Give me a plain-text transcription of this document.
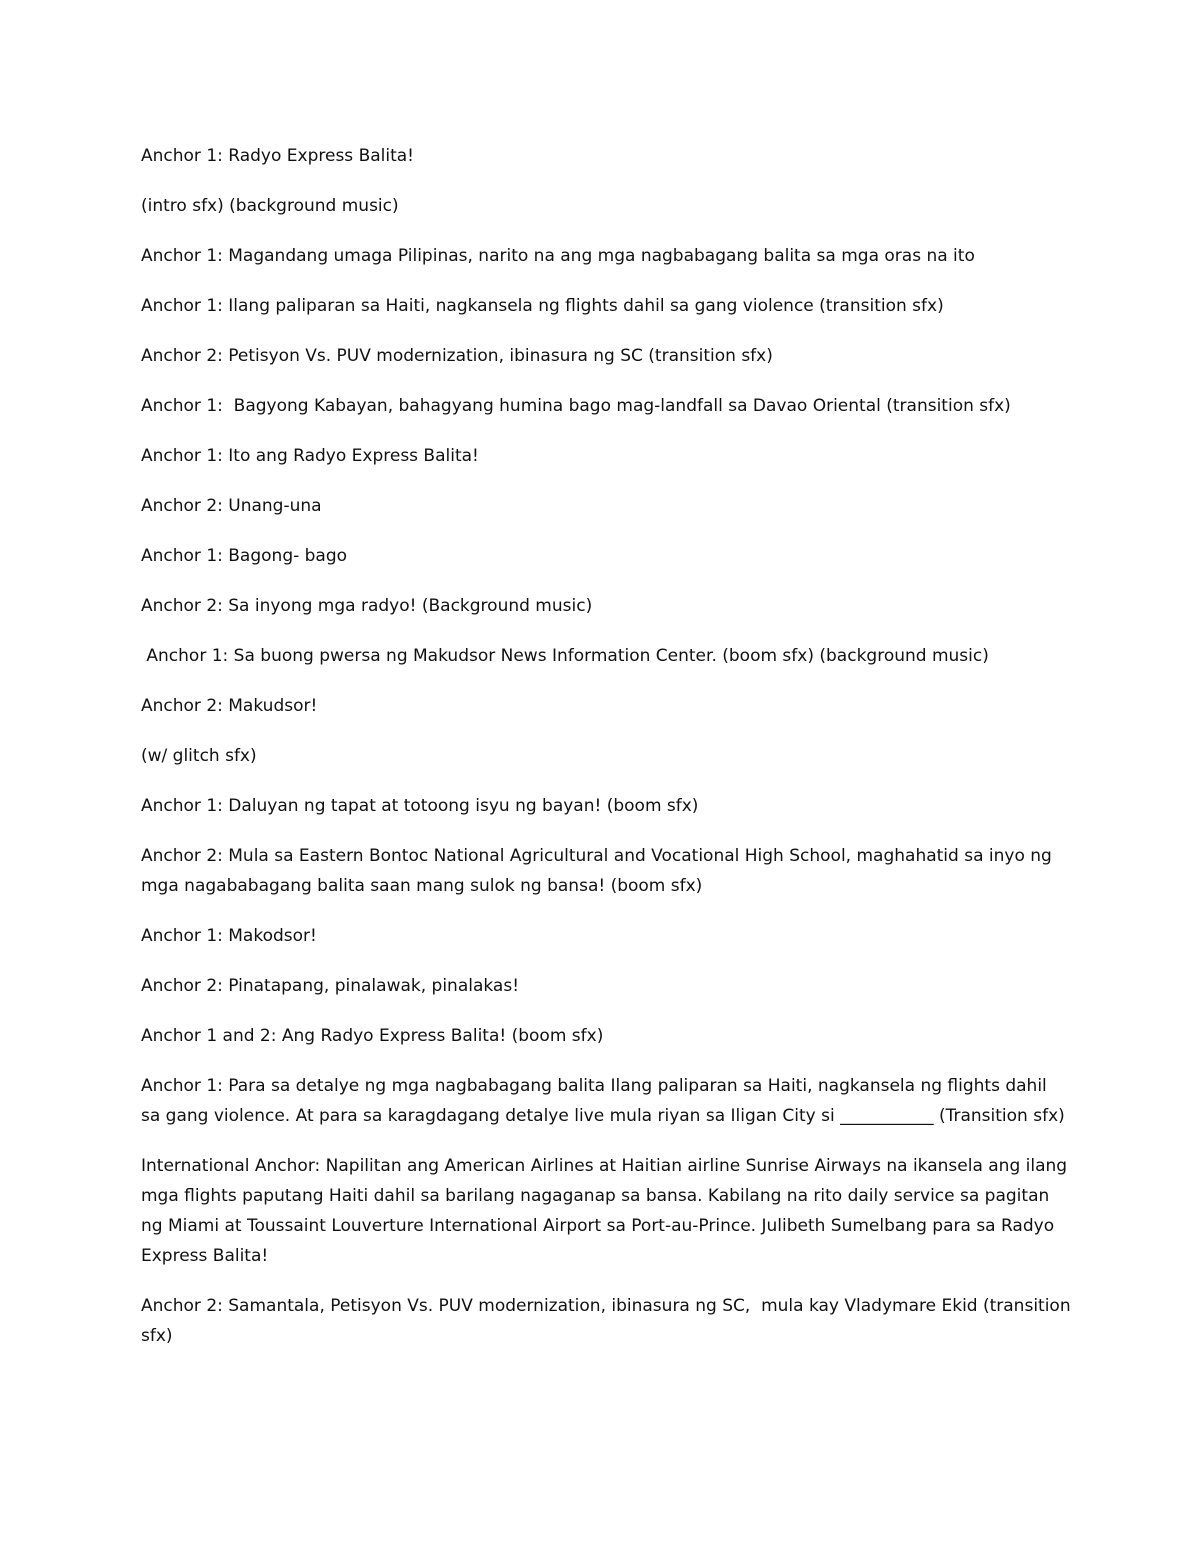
Anchor 1: Radyo Express Balita!

(intro sfx) (background music)

Anchor 1: Magandang umaga Pilipinas, narito na ang mga nagbabagang balita sa mga oras na ito

Anchor 1: Ilang paliparan sa Haiti, nagkansela ng flights dahil sa gang violence (transition sfx)

Anchor 2: Petisyon Vs. PUV modernization, ibinasura ng SC (transition sfx)

Anchor 1:  Bagyong Kabayan, bahagyang humina bago mag-landfall sa Davao Oriental (transition sfx)

Anchor 1: Ito ang Radyo Express Balita!

Anchor 2: Unang-una

Anchor 1: Bagong- bago

Anchor 2: Sa inyong mga radyo! (Background music)

Anchor 1: Sa buong pwersa ng Makudsor News Information Center. (boom sfx) (background music)

Anchor 2: Makudsor!

(w/ glitch sfx)

Anchor 1: Daluyan ng tapat at totoong isyu ng bayan! (boom sfx)

Anchor 2: Mula sa Eastern Bontoc National Agricultural and Vocational High School, maghahatid sa inyo ng mga nagababagang balita saan mang sulok ng bansa! (boom sfx)

Anchor 1: Makodsor!

Anchor 2: Pinatapang, pinalawak, pinalakas!

Anchor 1 and 2: Ang Radyo Express Balita! (boom sfx)

Anchor 1: Para sa detalye ng mga nagbabagang balita Ilang paliparan sa Haiti, nagkansela ng flights dahil sa gang violence. At para sa karagdagang detalye live mula riyan sa Iligan City si ___________ (Transition sfx)

International Anchor: Napilitan ang American Airlines at Haitian airline Sunrise Airways na ikansela ang ilang mga flights paputang Haiti dahil sa barilang nagaganap sa bansa. Kabilang na rito daily service sa pagitan ng Miami at Toussaint Louverture International Airport sa Port-au-Prince. Julibeth Sumelbang para sa Radyo Express Balita!

Anchor 2: Samantala, Petisyon Vs. PUV modernization, ibinasura ng SC,  mula kay Vladymare Ekid (transition sfx)
